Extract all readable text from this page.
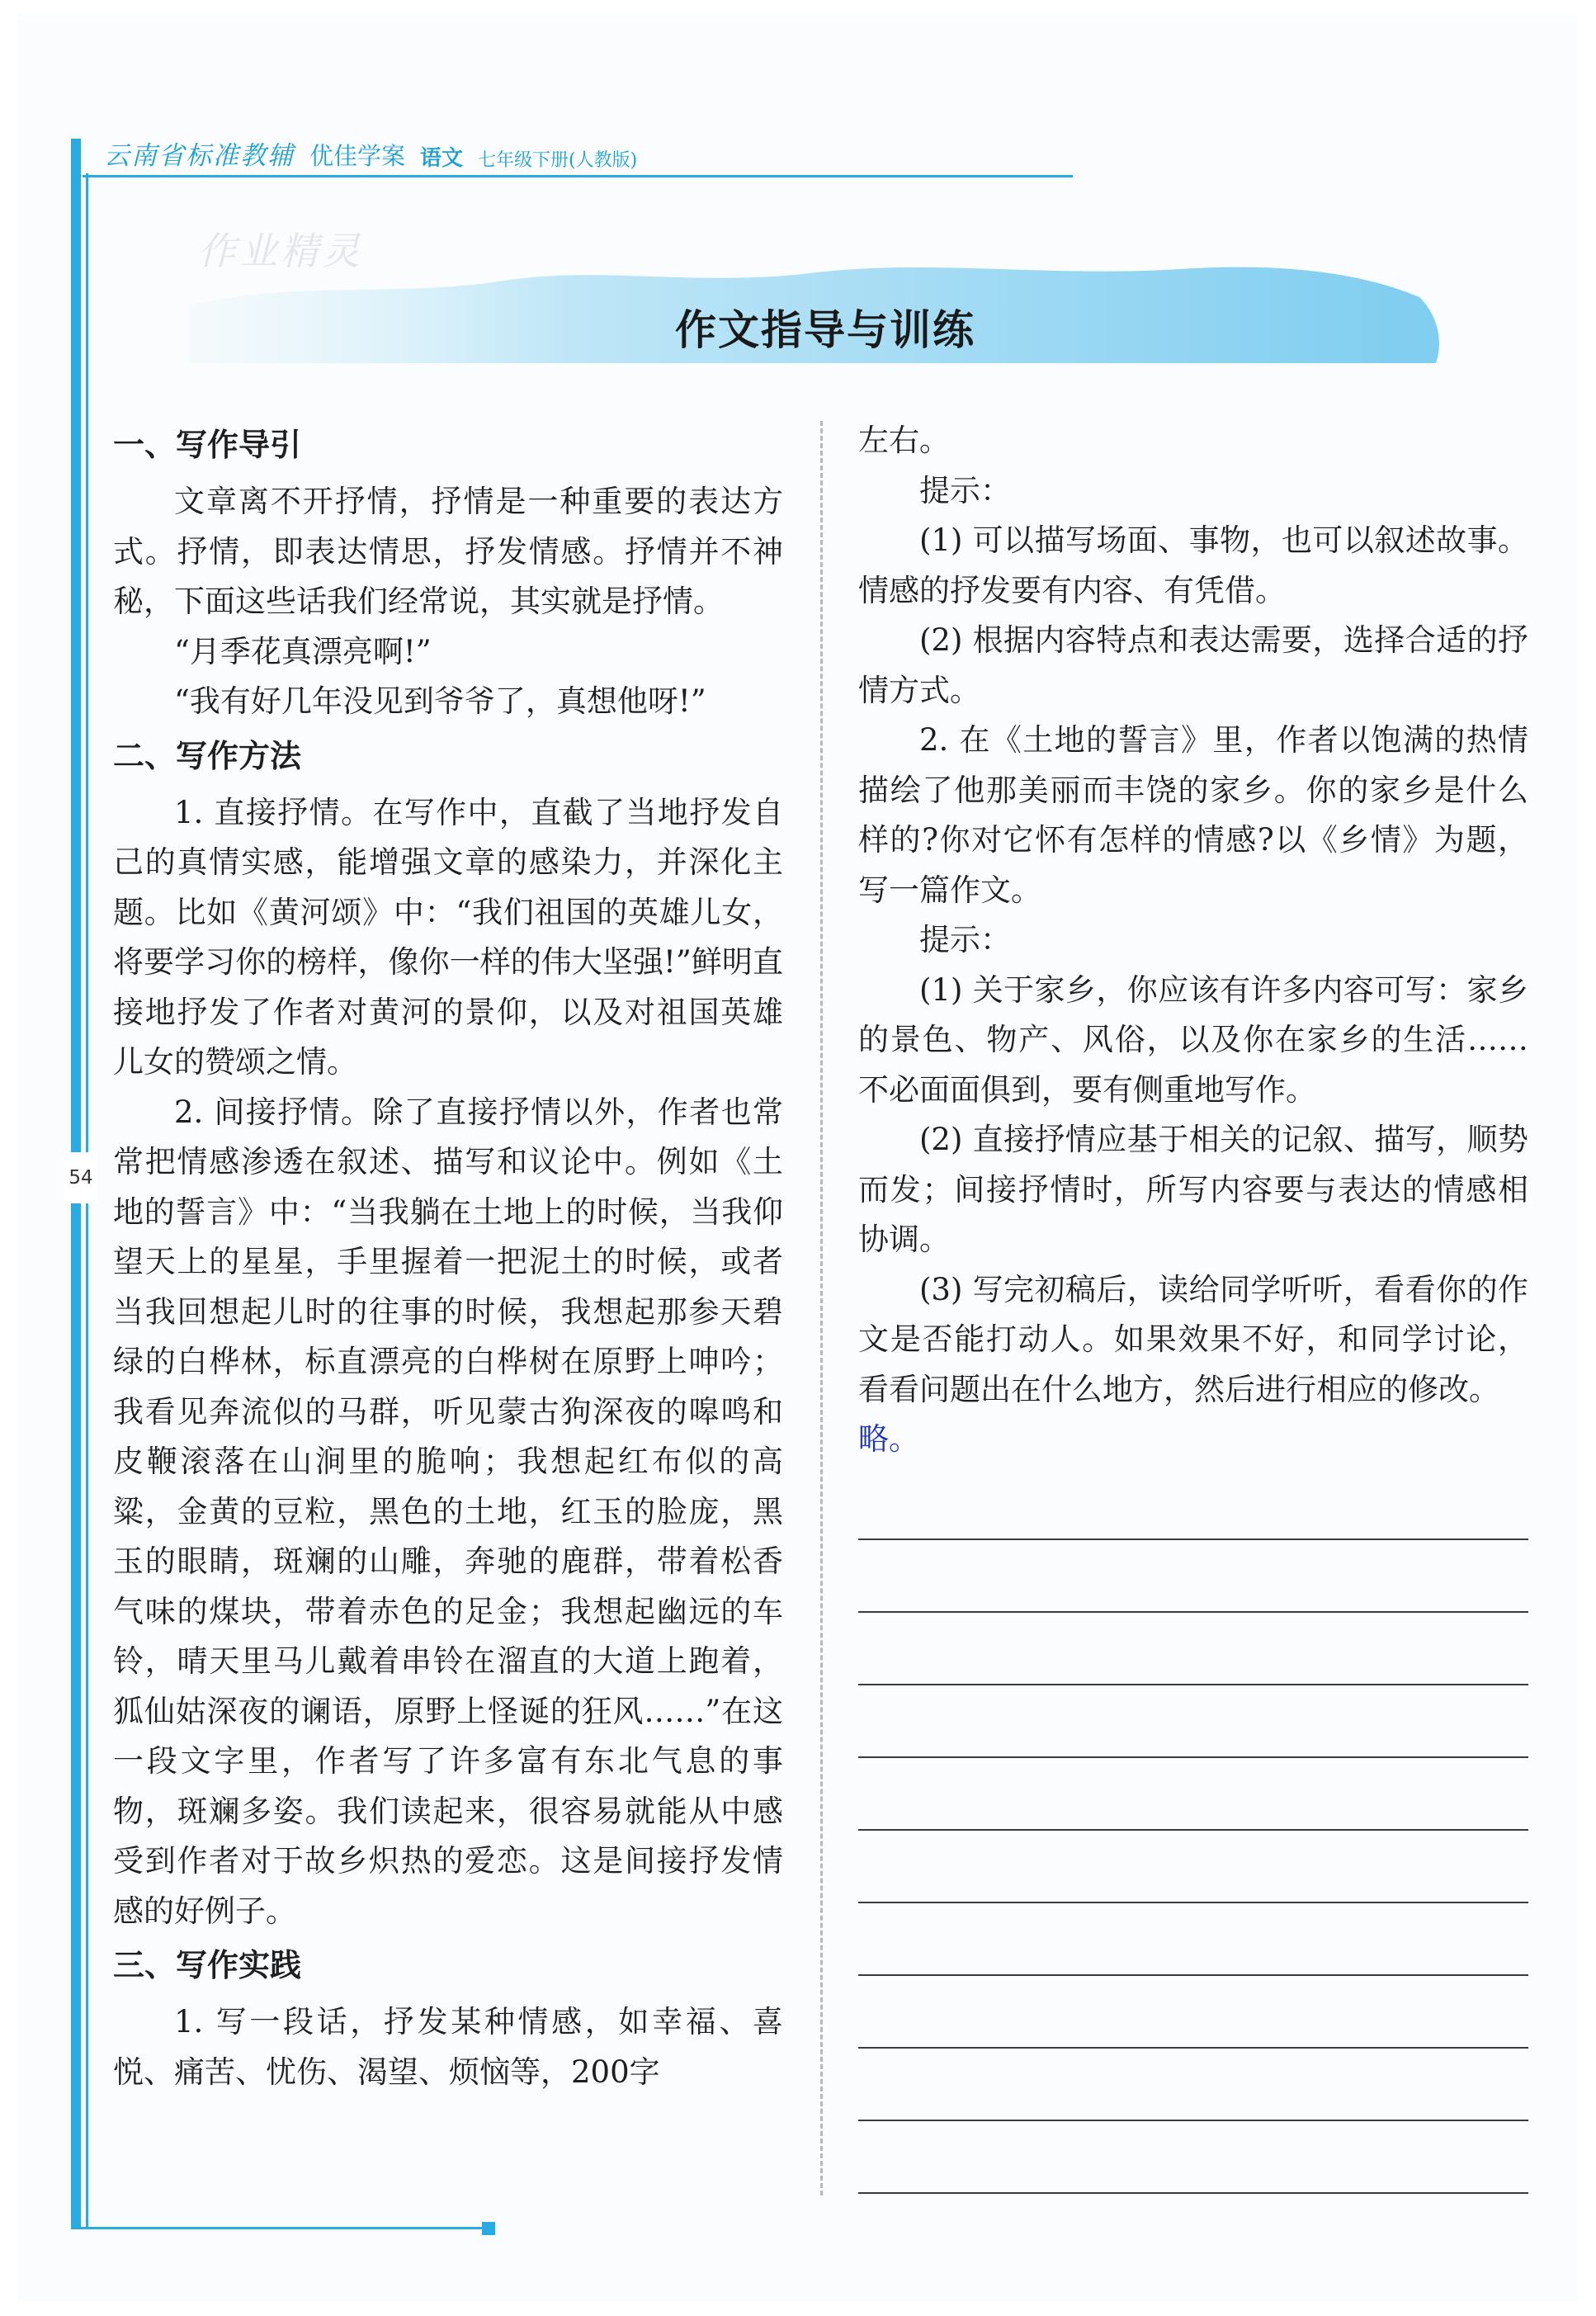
云南省标准教辅 优佳学案 语文 七年级下册(人教版)
作业精灵
作文指导与训练
54

一、写作导引

文章离不开抒情，抒情是一种重要的表达方式。抒情，即表达情思，抒发情感。抒情并不神秘，下面这些话我们经常说，其实就是抒情。

“月季花真漂亮啊!”

“我有好几年没见到爷爷了，真想他呀!”

二、写作方法

1. 直接抒情。在写作中，直截了当地抒发自己的真情实感，能增强文章的感染力，并深化主题。比如《黄河颂》中：“我们祖国的英雄儿女，将要学习你的榜样，像你一样的伟大坚强!”鲜明直接地抒发了作者对黄河的景仰，以及对祖国英雄儿女的赞颂之情。

2. 间接抒情。除了直接抒情以外，作者也常常把情感渗透在叙述、描写和议论中。例如《土地的誓言》中：“当我躺在土地上的时候，当我仰望天上的星星，手里握着一把泥土的时候，或者当我回想起儿时的往事的时候，我想起那参天碧绿的白桦林，标直漂亮的白桦树在原野上呻吟；我看见奔流似的马群，听见蒙古狗深夜的嗥鸣和皮鞭滚落在山涧里的脆响；我想起红布似的高粱，金黄的豆粒，黑色的土地，红玉的脸庞，黑玉的眼睛，斑斓的山雕，奔驰的鹿群，带着松香气味的煤块，带着赤色的足金；我想起幽远的车铃，晴天里马儿戴着串铃在溜直的大道上跑着，狐仙姑深夜的谰语，原野上怪诞的狂风……”在这一段文字里，作者写了许多富有东北气息的事物，斑斓多姿。我们读起来，很容易就能从中感受到作者对于故乡炽热的爱恋。这是间接抒发情感的好例子。

三、写作实践

1. 写一段话，抒发某种情感，如幸福、喜悦、痛苦、忧伤、渴望、烦恼等，200字

左右。

提示：

(1) 可以描写场面、事物，也可以叙述故事。情感的抒发要有内容、有凭借。

(2) 根据内容特点和表达需要，选择合适的抒情方式。

2. 在《土地的誓言》里，作者以饱满的热情描绘了他那美丽而丰饶的家乡。你的家乡是什么样的?你对它怀有怎样的情感?以《乡情》为题，写一篇作文。

提示：

(1) 关于家乡，你应该有许多内容可写：家乡的景色、物产、风俗，以及你在家乡的生活……不必面面俱到，要有侧重地写作。

(2) 直接抒情应基于相关的记叙、描写，顺势而发；间接抒情时，所写内容要与表达的情感相协调。

(3) 写完初稿后，读给同学听听，看看你的作文是否能打动人。如果效果不好，和同学讨论，看看问题出在什么地方，然后进行相应的修改。

略。
